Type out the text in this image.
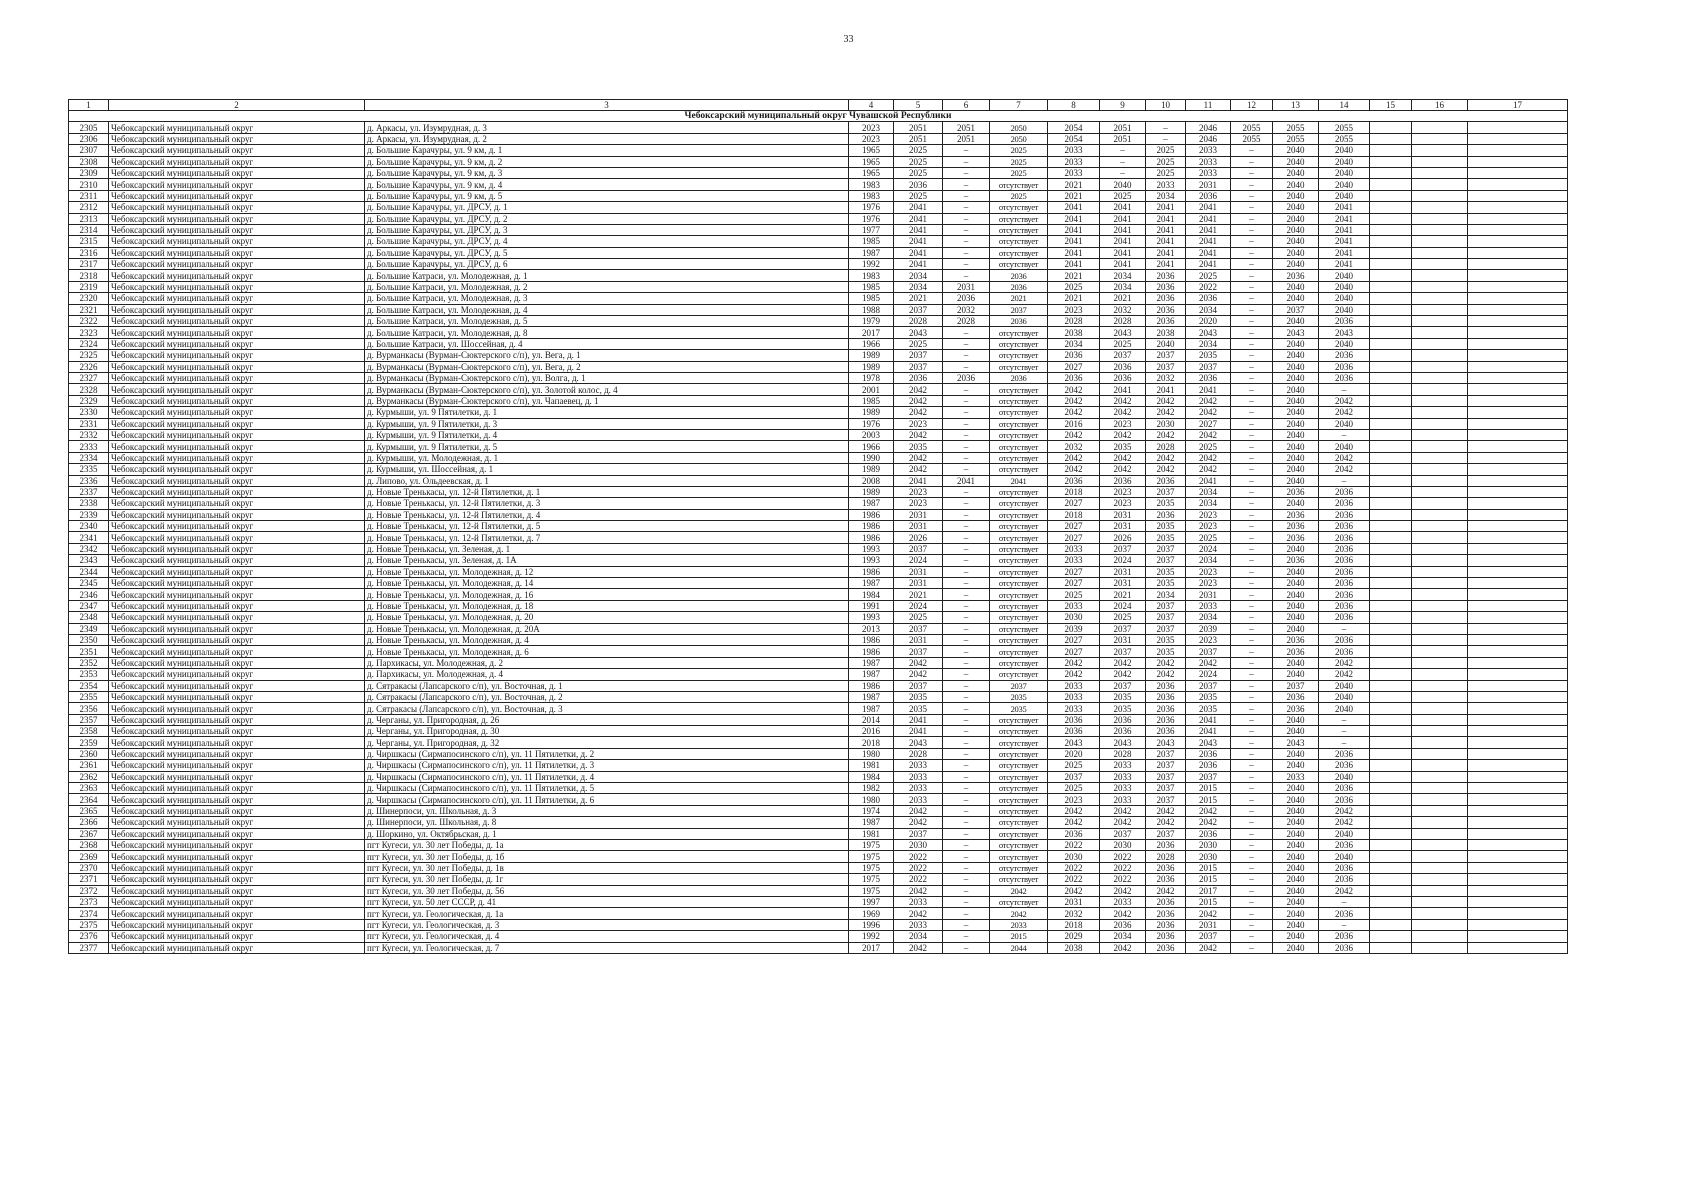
33
1	2	3	4	5	6	7	8	9	10	11	12	13	14	15	16	17
Чебоксарский муниципальный округ Чувашской Республики																
2305	Чебоксарский муниципальный округ	д. Аркасы, ул. Изумрудная, д. 3	2023	2051	2051	2050	2054	2051	–	2046	2055	2055	2055			
2306	Чебоксарский муниципальный округ	д. Аркасы, ул. Изумрудная, д. 2	2023	2051	2051	2050	2054	2051	–	2046	2055	2055	2055			
2307	Чебоксарский муниципальный округ	д. Большие Карачуры, ул. 9 км, д. 1	1965	2025	–	2025	2033	–	2025	2033	–	2040	2040			
2308	Чебоксарский муниципальный округ	д. Большие Карачуры, ул. 9 км, д. 2	1965	2025	–	2025	2033	–	2025	2033	–	2040	2040			
2309	Чебоксарский муниципальный округ	д. Большие Карачуры, ул. 9 км, д. 3	1965	2025	–	2025	2033	–	2025	2033	–	2040	2040			
2310	Чебоксарский муниципальный округ	д. Большие Карачуры, ул. 9 км, д. 4	1983	2036	–	отсутствует	2021	2040	2033	2031	–	2040	2040			
2311	Чебоксарский муниципальный округ	д. Большие Карачуры, ул. 9 км, д. 5	1983	2025	–	2025	2021	2025	2034	2036	–	2040	2040			
2312	Чебоксарский муниципальный округ	д. Большие Карачуры, ул. ДРСУ, д. 1	1976	2041	–	отсутствует	2041	2041	2041	2041	–	2040	2041			
2313	Чебоксарский муниципальный округ	д. Большие Карачуры, ул. ДРСУ, д. 2	1976	2041	–	отсутствует	2041	2041	2041	2041	–	2040	2041			
2314	Чебоксарский муниципальный округ	д. Большие Карачуры, ул. ДРСУ, д. 3	1977	2041	–	отсутствует	2041	2041	2041	2041	–	2040	2041			
2315	Чебоксарский муниципальный округ	д. Большие Карачуры, ул. ДРСУ, д. 4	1985	2041	–	отсутствует	2041	2041	2041	2041	–	2040	2041			
2316	Чебоксарский муниципальный округ	д. Большие Карачуры, ул. ДРСУ, д. 5	1987	2041	–	отсутствует	2041	2041	2041	2041	–	2040	2041			
2317	Чебоксарский муниципальный округ	д. Большие Карачуры, ул. ДРСУ, д. 6	1992	2041	–	отсутствует	2041	2041	2041	2041	–	2040	2041			
2318	Чебоксарский муниципальный округ	д. Большие Катраси, ул. Молодежная, д. 1	1983	2034	–	2036	2021	2034	2036	2025	–	2036	2040			
2319	Чебоксарский муниципальный округ	д. Большие Катраси, ул. Молодежная, д. 2	1985	2034	2031	2036	2025	2034	2036	2022	–	2040	2040			
2320	Чебоксарский муниципальный округ	д. Большие Катраси, ул. Молодежная, д. 3	1985	2021	2036	2021	2021	2021	2036	2036	–	2040	2040			
2321	Чебоксарский муниципальный округ	д. Большие Катраси, ул. Молодежная, д. 4	1988	2037	2032	2037	2023	2032	2036	2034	–	2037	2040			
2322	Чебоксарский муниципальный округ	д. Большие Катраси, ул. Молодежная, д. 5	1979	2028	2028	2036	2028	2028	2036	2020	–	2040	2036			
2323	Чебоксарский муниципальный округ	д. Большие Катраси, ул. Молодежная, д. 8	2017	2043	–	отсутствует	2038	2043	2038	2043	–	2043	2043			
2324	Чебоксарский муниципальный округ	д. Большие Катраси, ул. Шоссейная, д. 4	1966	2025	–	отсутствует	2034	2025	2040	2034	–	2040	2040			
2325	Чебоксарский муниципальный округ	д. Вурманкасы (Вурман-Сюктерского с/п), ул. Вега, д. 1	1989	2037	–	отсутствует	2036	2037	2037	2035	–	2040	2036			
2326	Чебоксарский муниципальный округ	д. Вурманкасы (Вурман-Сюктерского с/п), ул. Вега, д. 2	1989	2037	–	отсутствует	2027	2036	2037	2037	–	2040	2036			
2327	Чебоксарский муниципальный округ	д. Вурманкасы (Вурман-Сюктерского с/п), ул. Волга, д. 1	1978	2036	2036	2036	2036	2036	2032	2036	–	2040	2036			
2328	Чебоксарский муниципальный округ	д. Вурманкасы (Вурман-Сюктерского с/п), ул. Золотой колос, д. 4	2001	2042	–	отсутствует	2042	2041	2041	2041	–	2040	–			
2329	Чебоксарский муниципальный округ	д. Вурманкасы (Вурман-Сюктерского с/п), ул. Чапаевец, д. 1	1985	2042	–	отсутствует	2042	2042	2042	2042	–	2040	2042			
2330	Чебоксарский муниципальный округ	д. Курмыши, ул. 9 Пятилетки, д. 1	1989	2042	–	отсутствует	2042	2042	2042	2042	–	2040	2042			
2331	Чебоксарский муниципальный округ	д. Курмыши, ул. 9 Пятилетки, д. 3	1976	2023	–	отсутствует	2016	2023	2030	2027	–	2040	2040			
2332	Чебоксарский муниципальный округ	д. Курмыши, ул. 9 Пятилетки, д. 4	2003	2042	–	отсутствует	2042	2042	2042	2042	–	2040	–			
2333	Чебоксарский муниципальный округ	д. Курмыши, ул. 9 Пятилетки, д. 5	1966	2035	–	отсутствует	2032	2035	2028	2025	–	2040	2040			
2334	Чебоксарский муниципальный округ	д. Курмыши, ул. Молодежная, д. 1	1990	2042	–	отсутствует	2042	2042	2042	2042	–	2040	2042			
2335	Чебоксарский муниципальный округ	д. Курмыши, ул. Шоссейная, д. 1	1989	2042	–	отсутствует	2042	2042	2042	2042	–	2040	2042			
2336	Чебоксарский муниципальный округ	д. Липово, ул. Ольдеевская, д. 1	2008	2041	2041	2041	2036	2036	2036	2041	–	2040	–			
2337	Чебоксарский муниципальный округ	д. Новые Тренькасы, ул. 12-й Пятилетки, д. 1	1989	2023	–	отсутствует	2018	2023	2037	2034	–	2036	2036			
2338	Чебоксарский муниципальный округ	д. Новые Тренькасы, ул. 12-й Пятилетки, д. 3	1987	2023	–	отсутствует	2027	2023	2035	2034	–	2040	2036			
2339	Чебоксарский муниципальный округ	д. Новые Тренькасы, ул. 12-й Пятилетки, д. 4	1986	2031	–	отсутствует	2018	2031	2036	2023	–	2036	2036			
2340	Чебоксарский муниципальный округ	д. Новые Тренькасы, ул. 12-й Пятилетки, д. 5	1986	2031	–	отсутствует	2027	2031	2035	2023	–	2036	2036			
2341	Чебоксарский муниципальный округ	д. Новые Тренькасы, ул. 12-й Пятилетки, д. 7	1986	2026	–	отсутствует	2027	2026	2035	2025	–	2036	2036			
2342	Чебоксарский муниципальный округ	д. Новые Тренькасы, ул. Зеленая, д. 1	1993	2037	–	отсутствует	2033	2037	2037	2024	–	2040	2036			
2343	Чебоксарский муниципальный округ	д. Новые Тренькасы, ул. Зеленая, д. 1А	1993	2024	–	отсутствует	2033	2024	2037	2034	–	2036	2036			
2344	Чебоксарский муниципальный округ	д. Новые Тренькасы, ул. Молодежная, д. 12	1986	2031	–	отсутствует	2027	2031	2035	2023	–	2040	2036			
2345	Чебоксарский муниципальный округ	д. Новые Тренькасы, ул. Молодежная, д. 14	1987	2031	–	отсутствует	2027	2031	2035	2023	–	2040	2036			
2346	Чебоксарский муниципальный округ	д. Новые Тренькасы, ул. Молодежная, д. 16	1984	2021	–	отсутствует	2025	2021	2034	2031	–	2040	2036			
2347	Чебоксарский муниципальный округ	д. Новые Тренькасы, ул. Молодежная, д. 18	1991	2024	–	отсутствует	2033	2024	2037	2033	–	2040	2036			
2348	Чебоксарский муниципальный округ	д. Новые Тренькасы, ул. Молодежная, д. 20	1993	2025	–	отсутствует	2030	2025	2037	2034	–	2040	2036			
2349	Чебоксарский муниципальный округ	д. Новые Тренькасы, ул. Молодежная, д. 20А	2013	2037	–	отсутствует	2039	2037	2037	2039	–	2040	–			
2350	Чебоксарский муниципальный округ	д. Новые Тренькасы, ул. Молодежная, д. 4	1986	2031	–	отсутствует	2027	2031	2035	2023	–	2036	2036			
2351	Чебоксарский муниципальный округ	д. Новые Тренькасы, ул. Молодежная, д. 6	1986	2037	–	отсутствует	2027	2037	2035	2037	–	2036	2036			
2352	Чебоксарский муниципальный округ	д. Пархикасы, ул. Молодежная, д. 2	1987	2042	–	отсутствует	2042	2042	2042	2042	–	2040	2042			
2353	Чебоксарский муниципальный округ	д. Пархикасы, ул. Молодежная, д. 4	1987	2042	–	отсутствует	2042	2042	2042	2024	–	2040	2042			
2354	Чебоксарский муниципальный округ	д. Сятракасы (Лапсарского с/п), ул. Восточная, д. 1	1986	2037	–	2037	2033	2037	2036	2037	–	2037	2040			
2355	Чебоксарский муниципальный округ	д. Сятракасы (Лапсарского с/п), ул. Восточная, д. 2	1987	2035	–	2035	2033	2035	2036	2035	–	2036	2040			
2356	Чебоксарский муниципальный округ	д. Сятракасы (Лапсарского с/п), ул. Восточная, д. 3	1987	2035	–	2035	2033	2035	2036	2035	–	2036	2040			
2357	Чебоксарский муниципальный округ	д. Черганы, ул. Пригородная, д. 26	2014	2041	–	отсутствует	2036	2036	2036	2041	–	2040	–			
2358	Чебоксарский муниципальный округ	д. Черганы, ул. Пригородная, д. 30	2016	2041	–	отсутствует	2036	2036	2036	2041	–	2040	–			
2359	Чебоксарский муниципальный округ	д. Черганы, ул. Пригородная, д. 32	2018	2043	–	отсутствует	2043	2043	2043	2043	–	2043	–			
2360	Чебоксарский муниципальный округ	д. Чиршкасы (Сирмапосинского с/п), ул. 11 Пятилетки, д. 2	1980	2028	–	отсутствует	2020	2028	2037	2036	–	2040	2036			
2361	Чебоксарский муниципальный округ	д. Чиршкасы (Сирмапосинского с/п), ул. 11 Пятилетки, д. 3	1981	2033	–	отсутствует	2025	2033	2037	2036	–	2040	2036			
2362	Чебоксарский муниципальный округ	д. Чиршкасы (Сирмапосинского с/п), ул. 11 Пятилетки, д. 4	1984	2033	–	отсутствует	2037	2033	2037	2037	–	2033	2040			
2363	Чебоксарский муниципальный округ	д. Чиршкасы (Сирмапосинского с/п), ул. 11 Пятилетки, д. 5	1982	2033	–	отсутствует	2025	2033	2037	2015	–	2040	2036			
2364	Чебоксарский муниципальный округ	д. Чиршкасы (Сирмапосинского с/п), ул. 11 Пятилетки, д. 6	1980	2033	–	отсутствует	2023	2033	2037	2015	–	2040	2036			
2365	Чебоксарский муниципальный округ	д. Шинерпоси, ул. Школьная, д. 3	1974	2042	–	отсутствует	2042	2042	2042	2042	–	2040	2042			
2366	Чебоксарский муниципальный округ	д. Шинерпоси, ул. Школьная, д. 8	1987	2042	–	отсутствует	2042	2042	2042	2042	–	2040	2042			
2367	Чебоксарский муниципальный округ	д. Шоркино, ул. Октябрьская, д. 1	1981	2037	–	отсутствует	2036	2037	2037	2036	–	2040	2040			
2368	Чебоксарский муниципальный округ	пгт Кугеси, ул. 30 лет Победы, д. 1а	1975	2030	–	отсутствует	2022	2030	2036	2030	–	2040	2036			
2369	Чебоксарский муниципальный округ	пгт Кугеси, ул. 30 лет Победы, д. 1б	1975	2022	–	отсутствует	2030	2022	2028	2030	–	2040	2040			
2370	Чебоксарский муниципальный округ	пгт Кугеси, ул. 30 лет Победы, д. 1в	1975	2022	–	отсутствует	2022	2022	2036	2015	–	2040	2036			
2371	Чебоксарский муниципальный округ	пгт Кугеси, ул. 30 лет Победы, д. 1г	1975	2022	–	отсутствует	2022	2022	2036	2015	–	2040	2036			
2372	Чебоксарский муниципальный округ	пгт Кугеси, ул. 30 лет Победы, д. 56	1975	2042	–	2042	2042	2042	2042	2017	–	2040	2042			
2373	Чебоксарский муниципальный округ	пгт Кугеси, ул. 50 лет СССР, д. 41	1997	2033	–	отсутствует	2031	2033	2036	2015	–	2040	–			
2374	Чебоксарский муниципальный округ	пгт Кугеси, ул. Геологическая, д. 1а	1969	2042	–	2042	2032	2042	2036	2042	–	2040	2036			
2375	Чебоксарский муниципальный округ	пгт Кугеси, ул. Геологическая, д. 3	1996	2033	–	2033	2018	2036	2036	2031	–	2040	–			
2376	Чебоксарский муниципальный округ	пгт Кугеси, ул. Геологическая, д. 4	1992	2034	–	2015	2029	2034	2036	2037	–	2040	2036			
2377	Чебоксарский муниципальный округ	пгт Кугеси, ул. Геологическая, д. 7	2017	2042	–	2044	2038	2042	2036	2042	–	2040	2036			
